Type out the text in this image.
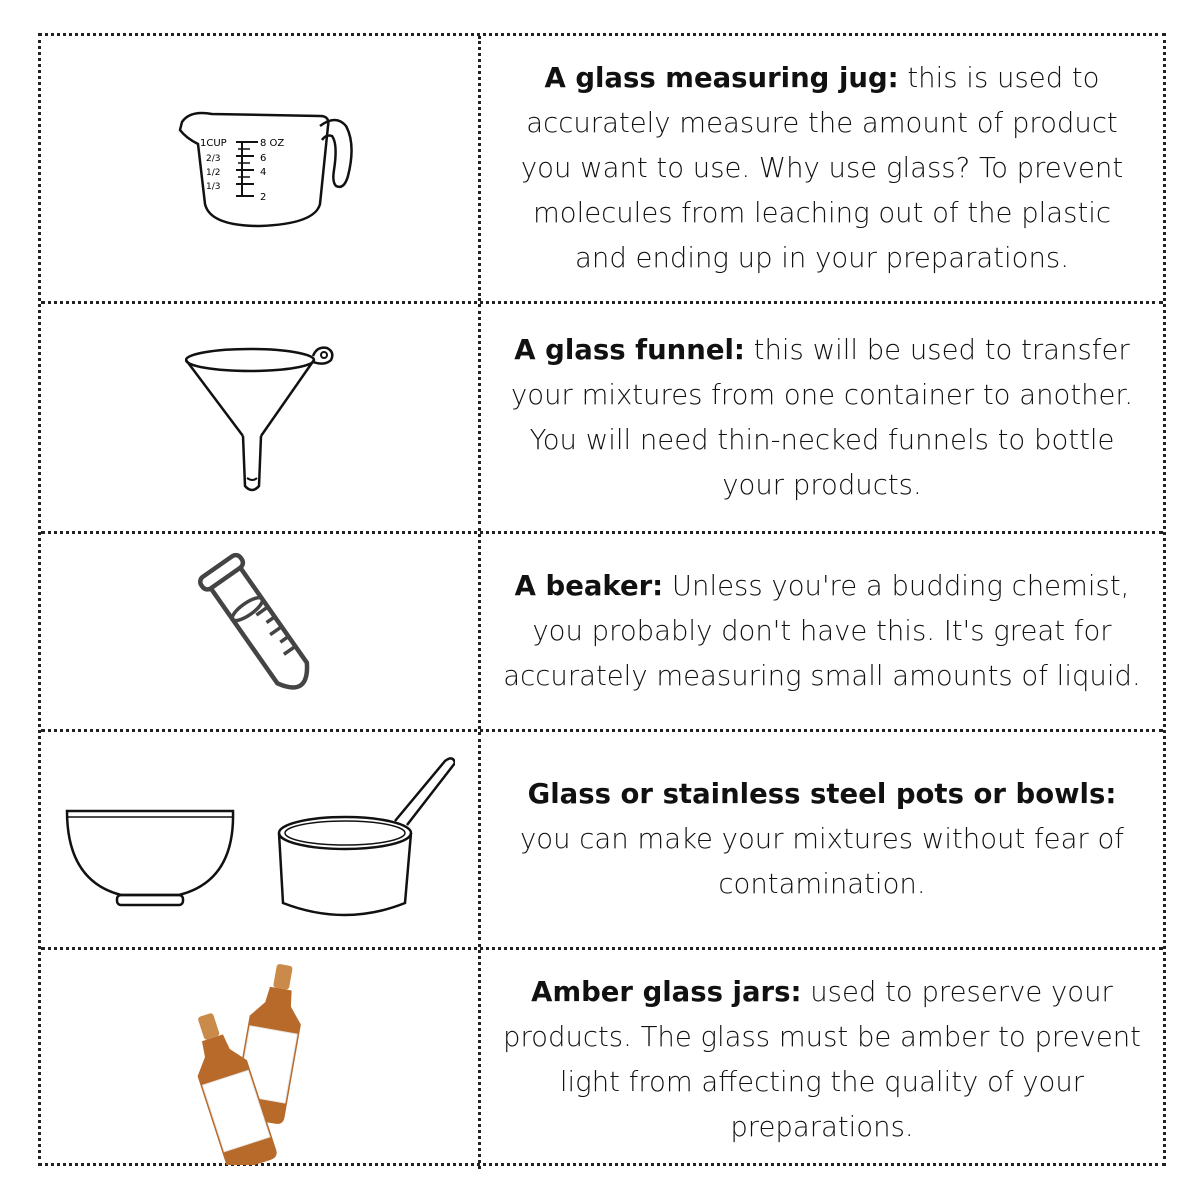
1CUP	8 OZ
2/3	6
1/2	4
1/3
2

A glass measuring jug: this is used to accurately measure the amount of product you want to use. Why use glass? To prevent molecules from leaching out of the plastic and ending up in your preparations.

A glass funnel: this will be used to transfer your mixtures from one container to another. You will need thin-necked funnels to bottle your products.

A beaker: Unless you're a budding chemist, you probably don't have this. It's great for accurately measuring small amounts of liquid.

Glass or stainless steel pots or bowls: you can make your mixtures without fear of contamination.

Amber glass jars: used to preserve your products. The glass must be amber to prevent light from affecting the quality of your preparations.
